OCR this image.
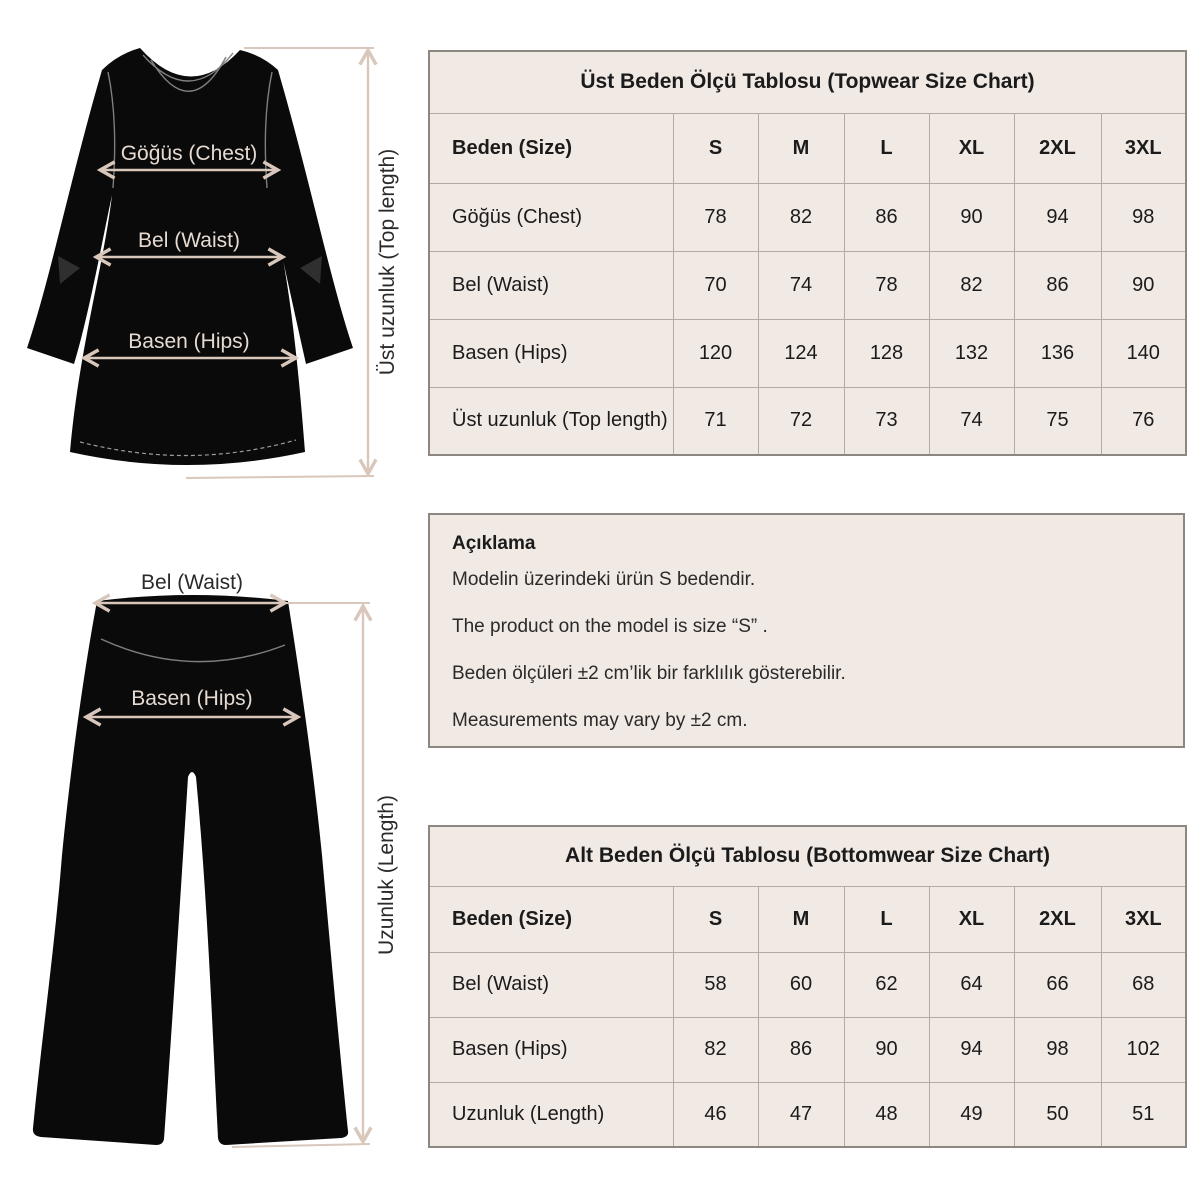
Göğüs (Chest)
Bel (Waist)
Basen (Hips)	Üst uzunluk (Top length)
Bel (Waist)
Basen (Hips)
Uzunluk (Length)
Üst Beden Ölçü Tablosu (Topwear Size Chart)						
Beden (Size)	S	M	L	XL	2XL	3XL
Göğüs (Chest)	78	82	86	90	94	98
Bel (Waist)	70	74	78	82	86	90
Basen (Hips)	120	124	128	132	136	140
Üst uzunluk (Top length)	71	72	73	74	75	76
Açıklama

Modelin üzerindeki ürün S bedendir.

The product on the model is size “S” .

Beden ölçüleri ±2 cm’lik bir farklılık gösterebilir.

Measurements may vary by ±2 cm.

Alt Beden Ölçü Tablosu (Bottomwear Size Chart)						
Beden (Size)	S	M	L	XL	2XL	3XL
Bel (Waist)	58	60	62	64	66	68
Basen (Hips)	82	86	90	94	98	102
Uzunluk (Length)	46	47	48	49	50	51
